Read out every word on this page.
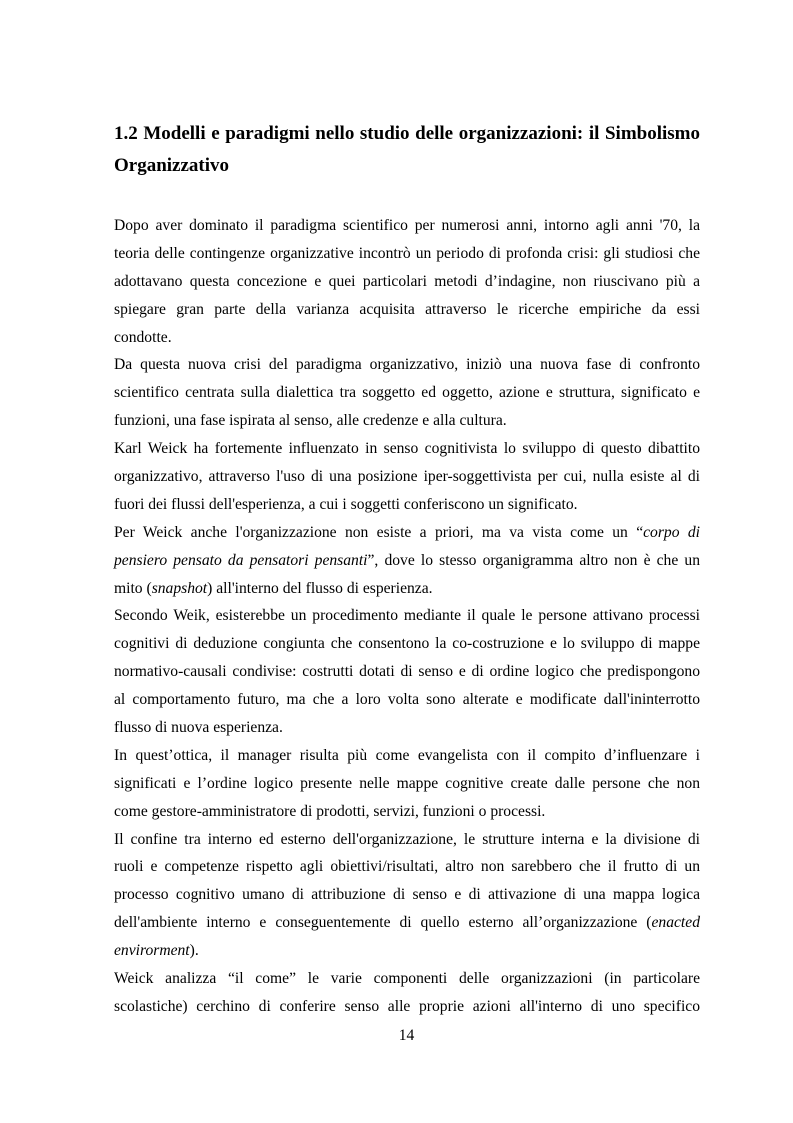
1.2 Modelli e paradigmi nello studio delle organizzazioni: il Simbolismo
Organizzativo
Dopo aver dominato il paradigma scientifico per numerosi anni, intorno agli anni '70, la
teoria delle contingenze organizzative incontrò un periodo di profonda crisi: gli studiosi che
adottavano questa concezione e quei particolari metodi d’indagine, non riuscivano più a
spiegare gran parte della varianza acquisita attraverso le ricerche empiriche da essi
condotte.
Da questa nuova crisi del paradigma organizzativo, iniziò una nuova fase di confronto
scientifico centrata sulla dialettica tra soggetto ed oggetto, azione e struttura, significato e
funzioni, una fase ispirata al senso, alle credenze e alla cultura.
Karl Weick ha fortemente influenzato in senso cognitivista lo sviluppo di questo dibattito
organizzativo, attraverso l'uso di una posizione iper-soggettivista per cui, nulla esiste al di
fuori dei flussi dell'esperienza, a cui i soggetti conferiscono un significato.
Per Weick anche l'organizzazione non esiste a priori, ma va vista come un “corpo di
pensiero pensato da pensatori pensanti”, dove lo stesso organigramma altro non è che un
mito (snapshot) all'interno del flusso di esperienza.
Secondo Weik, esisterebbe un procedimento mediante il quale le persone attivano processi
cognitivi di deduzione congiunta che consentono la co-costruzione e lo sviluppo di mappe
normativo-causali condivise: costrutti dotati di senso e di ordine logico che predispongono
al comportamento futuro, ma che a loro volta sono alterate e modificate dall'ininterrotto
flusso di nuova esperienza.
In quest’ottica, il manager risulta più come evangelista con il compito d’influenzare i
significati e l’ordine logico presente nelle mappe cognitive create dalle persone che non
come gestore-amministratore di prodotti, servizi, funzioni o processi.
Il confine tra interno ed esterno dell'organizzazione, le strutture interna e la divisione di
ruoli e competenze rispetto agli obiettivi/risultati, altro non sarebbero che il frutto di un
processo cognitivo umano di attribuzione di senso e di attivazione di una mappa logica
dell'ambiente interno e conseguentemente di quello esterno all’organizzazione (enacted
envirorment).
Weick analizza “il come” le varie componenti delle organizzazioni (in particolare
scolastiche) cerchino di conferire senso alle proprie azioni all'interno di uno specifico
14
